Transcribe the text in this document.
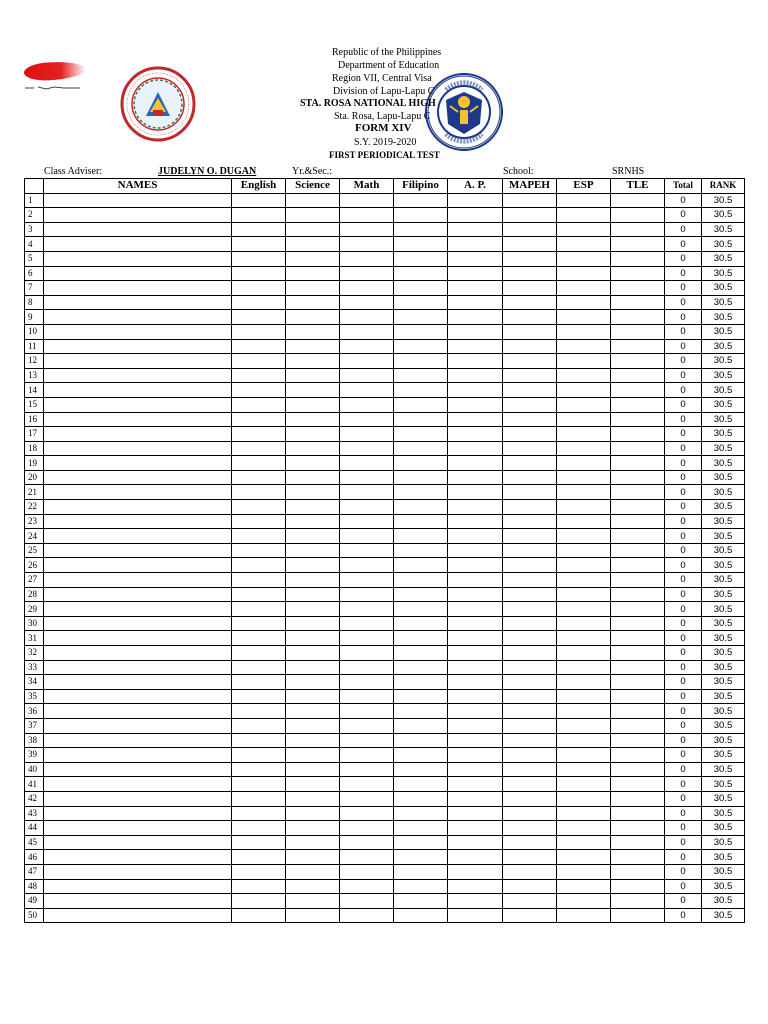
Republic of the Philippines
Department of Education
Region VII, Central Visa
Division of Lapu-Lapu C
STA. ROSA NATIONAL HIGH
Sta. Rosa, Lapu-Lapu C
FORM XIV
S.Y. 2019-2020
FIRST PERIODICAL TEST
Class Adviser:	JUDELYN O. DUGAN	Yr.&Sec.:	School:	SRNHS
	NAMES	English	Science	Math	Filipino	A. P.	MAPEH	ESP	TLE	Total	RANK
1										0	30.5
2										0	30.5
3										0	30.5
4										0	30.5
5										0	30.5
6										0	30.5
7										0	30.5
8										0	30.5
9										0	30.5
10										0	30.5
11										0	30.5
12										0	30.5
13										0	30.5
14										0	30.5
15										0	30.5
16										0	30.5
17										0	30.5
18										0	30.5
19										0	30.5
20										0	30.5
21										0	30.5
22										0	30.5
23										0	30.5
24										0	30.5
25										0	30.5
26										0	30.5
27										0	30.5
28										0	30.5
29										0	30.5
30										0	30.5
31										0	30.5
32										0	30.5
33										0	30.5
34										0	30.5
35										0	30.5
36										0	30.5
37										0	30.5
38										0	30.5
39										0	30.5
40										0	30.5
41										0	30.5
42										0	30.5
43										0	30.5
44										0	30.5
45										0	30.5
46										0	30.5
47										0	30.5
48										0	30.5
49										0	30.5
50										0	30.5
